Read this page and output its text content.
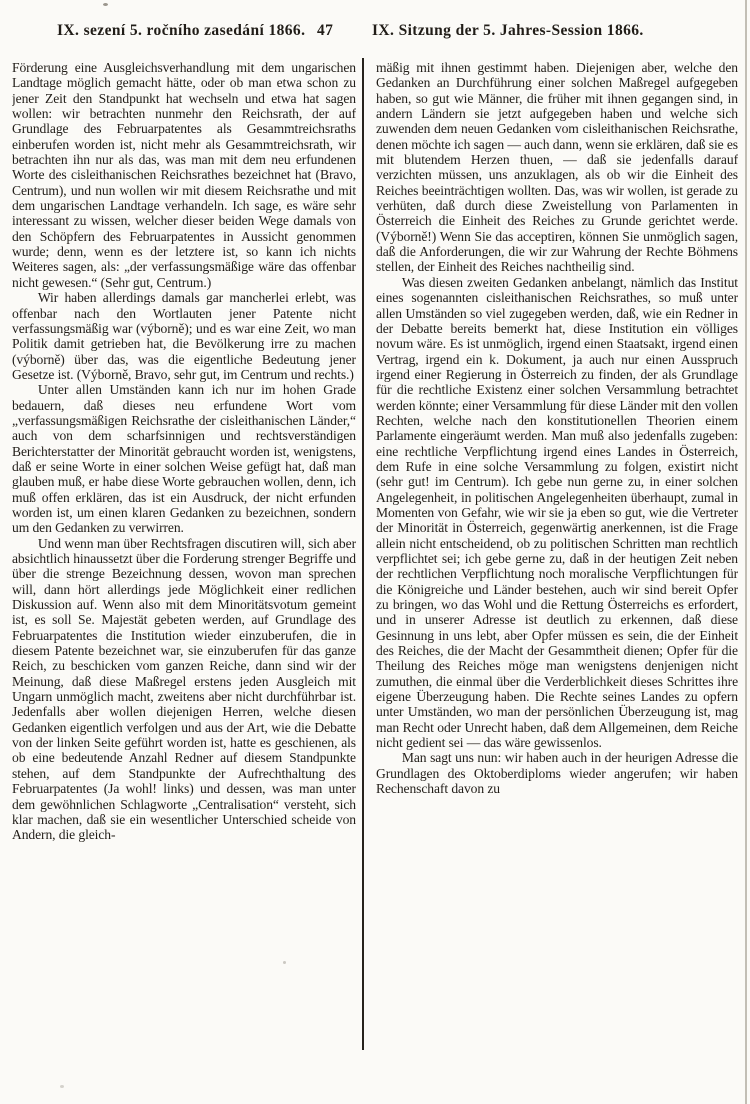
IX. sezení 5. ročního zasedání 1866. 47 IX. Sitzung der 5. Jahres-Session 1866.

Förderung eine Ausgleichsverhandlung mit dem ungarischen Landtage möglich gemacht hätte, oder ob man etwa schon zu jener Zeit den Standpunkt hat wechseln und etwa hat sagen wollen: wir betrachten nunmehr den Reichsrath, der auf Grundlage des Februarpatentes als Gesammtreichsraths einberufen worden ist, nicht mehr als Gesammtreichsrath, wir betrachten ihn nur als das, was man mit dem neu erfundenen Worte des cisleithanischen Reichsrathes bezeichnet hat (Bravo, Centrum), und nun wollen wir mit diesem Reichsrathe und mit dem ungarischen Landtage verhandeln. Ich sage, es wäre sehr interessant zu wissen, welcher dieser beiden Wege damals von den Schöpfern des Februarpatentes in Aussicht genommen wurde; denn, wenn es der letztere ist, so kann ich nichts Weiteres sagen, als: „der verfassungsmäßige wäre das offenbar nicht gewesen.“ (Sehr gut, Centrum.)

Wir haben allerdings damals gar mancherlei erlebt, was offenbar nach den Wortlauten jener Patente nicht verfassungsmäßig war (výborně); und es war eine Zeit, wo man Politik damit getrieben hat, die Bevölkerung irre zu machen (výborně) über das, was die eigentliche Bedeutung jener Gesetze ist. (Výborně, Bravo, sehr gut, im Centrum und rechts.)

Unter allen Umständen kann ich nur im hohen Grade bedauern, daß dieses neu erfundene Wort vom „verfassungsmäßigen Reichsrathe der cisleithanischen Länder,“ auch von dem scharfsinnigen und rechtsverständigen Berichterstatter der Minorität gebraucht worden ist, wenigstens, daß er seine Worte in einer solchen Weise gefügt hat, daß man glauben muß, er habe diese Worte gebrauchen wollen, denn, ich muß offen erklären, das ist ein Ausdruck, der nicht erfunden worden ist, um einen klaren Gedanken zu bezeichnen, sondern um den Gedanken zu verwirren.

Und wenn man über Rechtsfragen discutiren will, sich aber absichtlich hinaussetzt über die Forderung strenger Begriffe und über die strenge Bezeichnung dessen, wovon man sprechen will, dann hört allerdings jede Möglichkeit einer redlichen Diskussion auf. Wenn also mit dem Minoritätsvotum gemeint ist, es soll Se. Majestät gebeten werden, auf Grundlage des Februarpatentes die Institution wieder einzuberufen, die in diesem Patente bezeichnet war, sie einzuberufen für das ganze Reich, zu beschicken vom ganzen Reiche, dann sind wir der Meinung, daß diese Maßregel erstens jeden Ausgleich mit Ungarn unmöglich macht, zweitens aber nicht durchführbar ist. Jedenfalls aber wollen diejenigen Herren, welche diesen Gedanken eigentlich verfolgen und aus der Art, wie die Debatte von der linken Seite geführt worden ist, hatte es geschienen, als ob eine bedeutende Anzahl Redner auf diesem Standpunkte stehen, auf dem Standpunkte der Aufrechthaltung des Februarpatentes (Ja wohl! links) und dessen, was man unter dem gewöhnlichen Schlagworte „Centralisation“ versteht, sich klar machen, daß sie ein wesentlicher Unterschied scheide von Andern, die gleich-

mäßig mit ihnen gestimmt haben. Diejenigen aber, welche den Gedanken an Durchführung einer solchen Maßregel aufgegeben haben, so gut wie Männer, die früher mit ihnen gegangen sind, in andern Ländern sie jetzt aufgegeben haben und welche sich zuwenden dem neuen Gedanken vom cisleithanischen Reichsrathe, denen möchte ich sagen — auch dann, wenn sie erklären, daß sie es mit blutendem Herzen thuen, — daß sie jedenfalls darauf verzichten müssen, uns anzuklagen, als ob wir die Einheit des Reiches beeinträchtigen wollten. Das, was wir wollen, ist gerade zu verhüten, daß durch diese Zweistellung von Parlamenten in Österreich die Einheit des Reiches zu Grunde gerichtet werde. (Výborně!) Wenn Sie das acceptiren, können Sie unmöglich sagen, daß die Anforderungen, die wir zur Wahrung der Rechte Böhmens stellen, der Einheit des Reiches nachtheilig sind.

Was diesen zweiten Gedanken anbelangt, nämlich das Institut eines sogenannten cisleithanischen Reichsrathes, so muß unter allen Umständen so viel zugegeben werden, daß, wie ein Redner in der Debatte bereits bemerkt hat, diese Institution ein völliges novum wäre. Es ist unmöglich, irgend einen Staatsakt, irgend einen Vertrag, irgend ein k. Dokument, ja auch nur einen Ausspruch irgend einer Regierung in Österreich zu finden, der als Grundlage für die rechtliche Existenz einer solchen Versammlung betrachtet werden könnte; einer Versammlung für diese Länder mit den vollen Rechten, welche nach den konstitutionellen Theorien einem Parlamente eingeräumt werden. Man muß also jedenfalls zugeben: eine rechtliche Verpflichtung irgend eines Landes in Österreich, dem Rufe in eine solche Versammlung zu folgen, existirt nicht (sehr gut! im Centrum). Ich gebe nun gerne zu, in einer solchen Angelegenheit, in politischen Angelegenheiten überhaupt, zumal in Momenten von Gefahr, wie wir sie ja eben so gut, wie die Vertreter der Minorität in Österreich, gegenwärtig anerkennen, ist die Frage allein nicht entscheidend, ob zu politischen Schritten man rechtlich verpflichtet sei; ich gebe gerne zu, daß in der heutigen Zeit neben der rechtlichen Verpflichtung noch moralische Verpflichtungen für die Königreiche und Länder bestehen, auch wir sind bereit Opfer zu bringen, wo das Wohl und die Rettung Österreichs es erfordert, und in unserer Adresse ist deutlich zu erkennen, daß diese Gesinnung in uns lebt, aber Opfer müssen es sein, die der Einheit des Reiches, die der Macht der Gesammtheit dienen; Opfer für die Theilung des Reiches möge man wenigstens denjenigen nicht zumuthen, die einmal über die Verderblichkeit dieses Schrittes ihre eigene Überzeugung haben. Die Rechte seines Landes zu opfern unter Umständen, wo man der persönlichen Überzeugung ist, mag man Recht oder Unrecht haben, daß dem Allgemeinen, dem Reiche nicht gedient sei — das wäre gewissenlos.

Man sagt uns nun: wir haben auch in der heurigen Adresse die Grundlagen des Oktoberdiploms wieder angerufen; wir haben Rechenschaft davon zu
